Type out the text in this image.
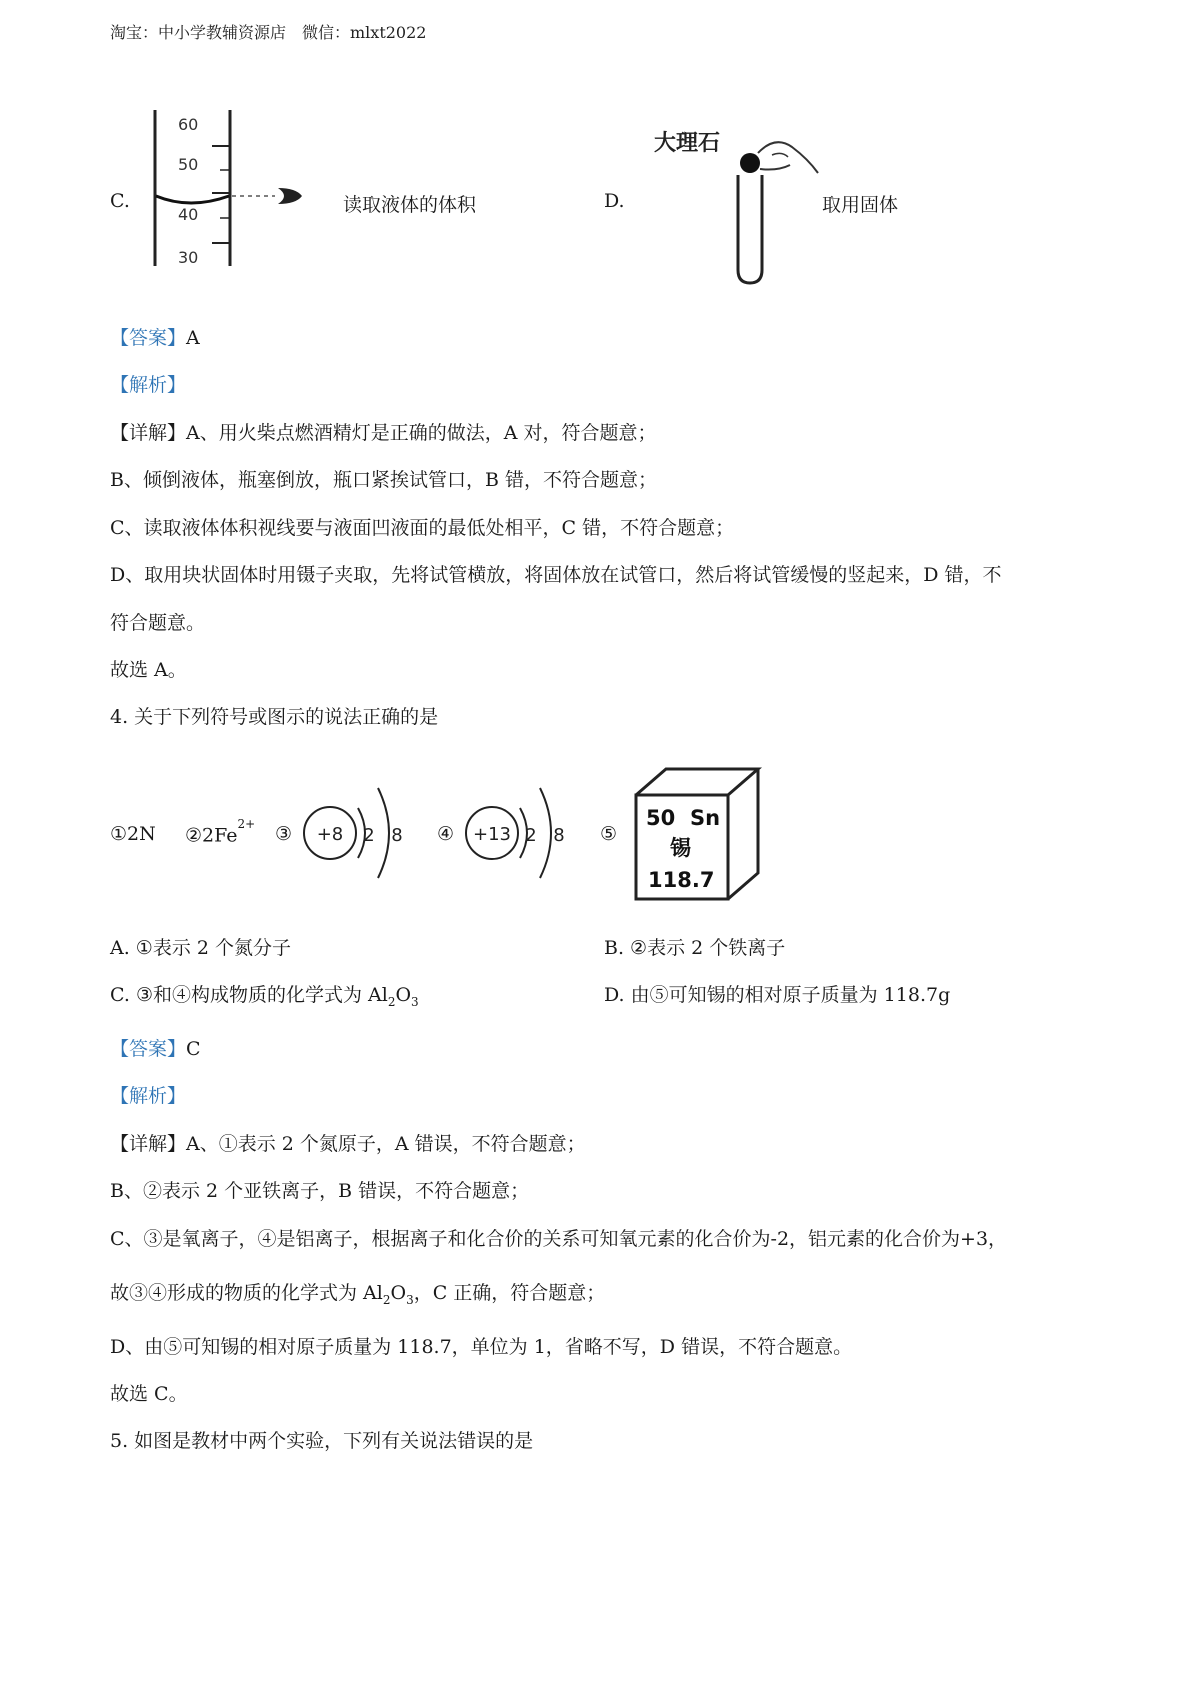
淘宝：中小学教辅资源店　微信：mlxt2022
C.
60
50
40
30
读取液体的体积	D.
大理石
取用固体
【答案】A
【解析】
【详解】A、用火柴点燃酒精灯是正确的做法，A 对，符合题意；
B、倾倒液体，瓶塞倒放，瓶口紧挨试管口，B 错，不符合题意；
C、读取液体体积视线要与液面凹液面的最低处相平，C 错，不符合题意；
D、取用块状固体时用镊子夹取，先将试管横放，将固体放在试管口，然后将试管缓慢的竖起来，D 错，不
符合题意。
故选 A。
4. 关于下列符号或图示的说法正确的是
①2N $②2Fe^{2+}$ ③ +8 2 8 ④ +13 2 8 ⑤
50 Sn
锡
118.7
A. ①表示 2 个氮分子	B. ②表示 2 个铁离子
C. ③和④构成物质的化学式为 $Al_2O_3$	D. 由⑤可知锡的相对原子质量为 118.7g
【答案】C
【解析】
【详解】A、①表示 2 个氮原子，A 错误，不符合题意；
B、②表示 2 个亚铁离子，B 错误，不符合题意；
C、③是氧离子，④是铝离子，根据离子和化合价的关系可知氧元素的化合价为-2，铝元素的化合价为+3，
故③④形成的物质的化学式为 $Al_2O_3$，C 正确，符合题意；
D、由⑤可知锡的相对原子质量为 118.7，单位为 1，省略不写，D 错误，不符合题意。
故选 C。
5. 如图是教材中两个实验，下列有关说法错误的是
